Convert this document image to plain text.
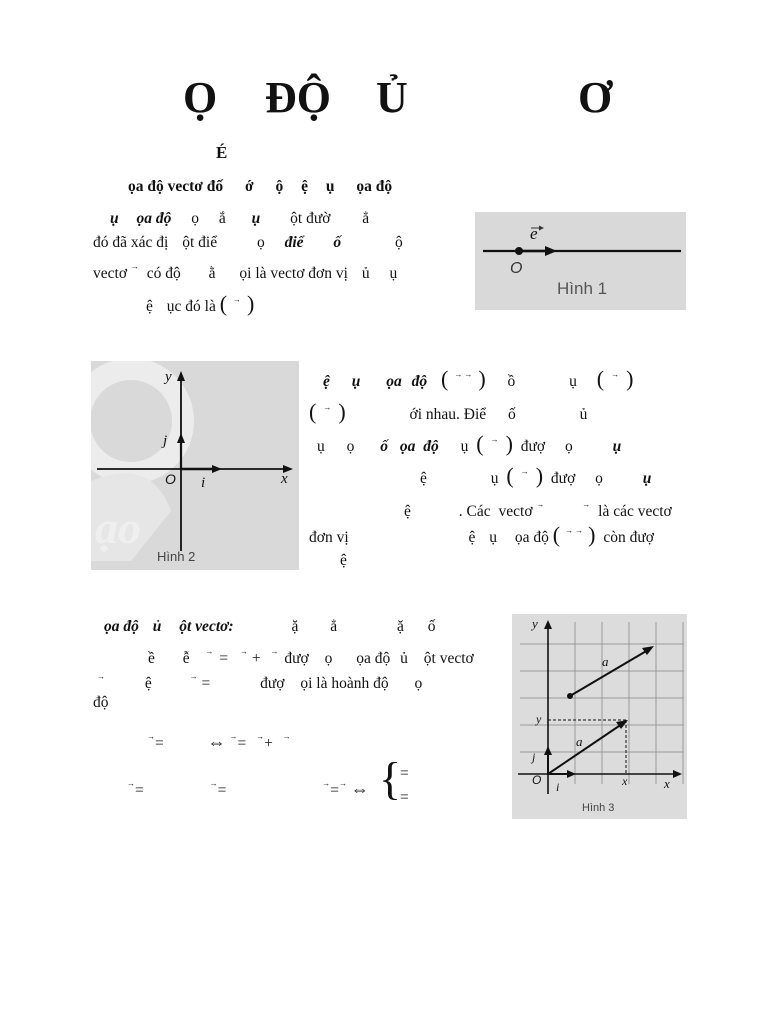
Ọ ĐỘ Ủ	Ơ
É
ọa độ vectơ đố ớ ộ ệ ụ ọa độ
ụ ọa độ ọ ắ ụ ột đườ ẳ
đó đã xác đị ột điể	ọ điể ố	ộ
vectơ → có độ ằ ọi là vectơ đơn vị ủ ụ
ệ ục đó là ( → )
e
O
Hình 1
ạo
y
x
j
i
O
Hình 2
ệ ụ ọa độ ( → → ) ồ	ụ ( → )
( → )	ới nhau. Điể ố	ủ
ụ ọ ố ọa độ ụ ( → ) đượ ọ	ụ
ệ	ụ ( → ) đượ ọ	ụ
ệ	. Các vectơ →	→ là các vectơ
đơn vị	ệ ụ ọa độ ( → → ) còn đượ
ệ
ọa độ ủ ột vectơ:	ặ ẳ	ặ ố
ề ễ → = → + → đượ ọ ọa độ ủ ột vectơ
→	ệ	→ =	đượ ọi là hoành độ ọ
độ
→= ⇔ →= →+ →
→=	→=	→=→ ⇔ {
=
=
y
x
y
x
a
a
j
i
O
Hình 3
